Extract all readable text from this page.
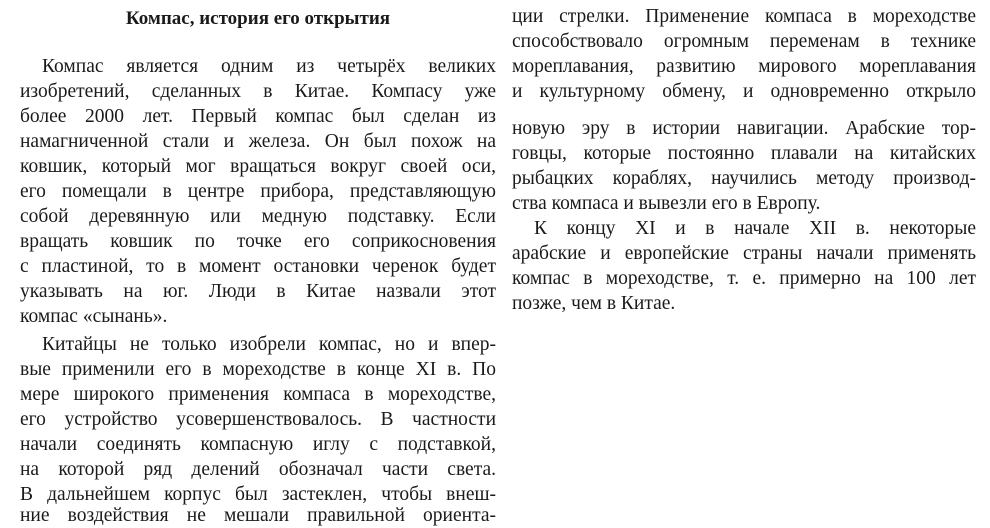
Компас, история его открытия
Компас является одним из четырёх великих
изобретений, сделанных в Китае. Компасу уже
более 2000 лет. Первый компас был сделан из
намагниченной стали и железа. Он был похож на
ковшик, который мог вращаться вокруг своей оси,
его помещали в центре прибора, представляющую
собой деревянную или медную подставку. Если
вращать ковшик по точке его соприкосновения
с пластиной, то в момент остановки черенок будет
указывать на юг. Люди в Китае назвали этот
компас «сынань».
Китайцы не только изобрели компас, но и впер-
вые применили его в мореходстве в конце XI в. По
мере широкого применения компаса в мореходстве,
его устройство усовершенствовалось. В частности
начали соединять компасную иглу с подставкой,
на которой ряд делений обозначал части света.
В дальнейшем корпус был застеклен, чтобы внеш-
ние воздействия не мешали правильной ориента-
ции стрелки. Применение компаса в мореходстве
способствовало огромным переменам в технике
мореплавания, развитию мирового мореплавания
и культурному обмену, и одновременно открыло
новую эру в истории навигации. Арабские тор-
говцы, которые постоянно плавали на китайских
рыбацких кораблях, научились методу производ-
ства компаса и вывезли его в Европу.
К концу XI и в начале XII в. некоторые
арабские и европейские страны начали применять
компас в мореходстве, т. е. примерно на 100 лет
позже, чем в Китае.
